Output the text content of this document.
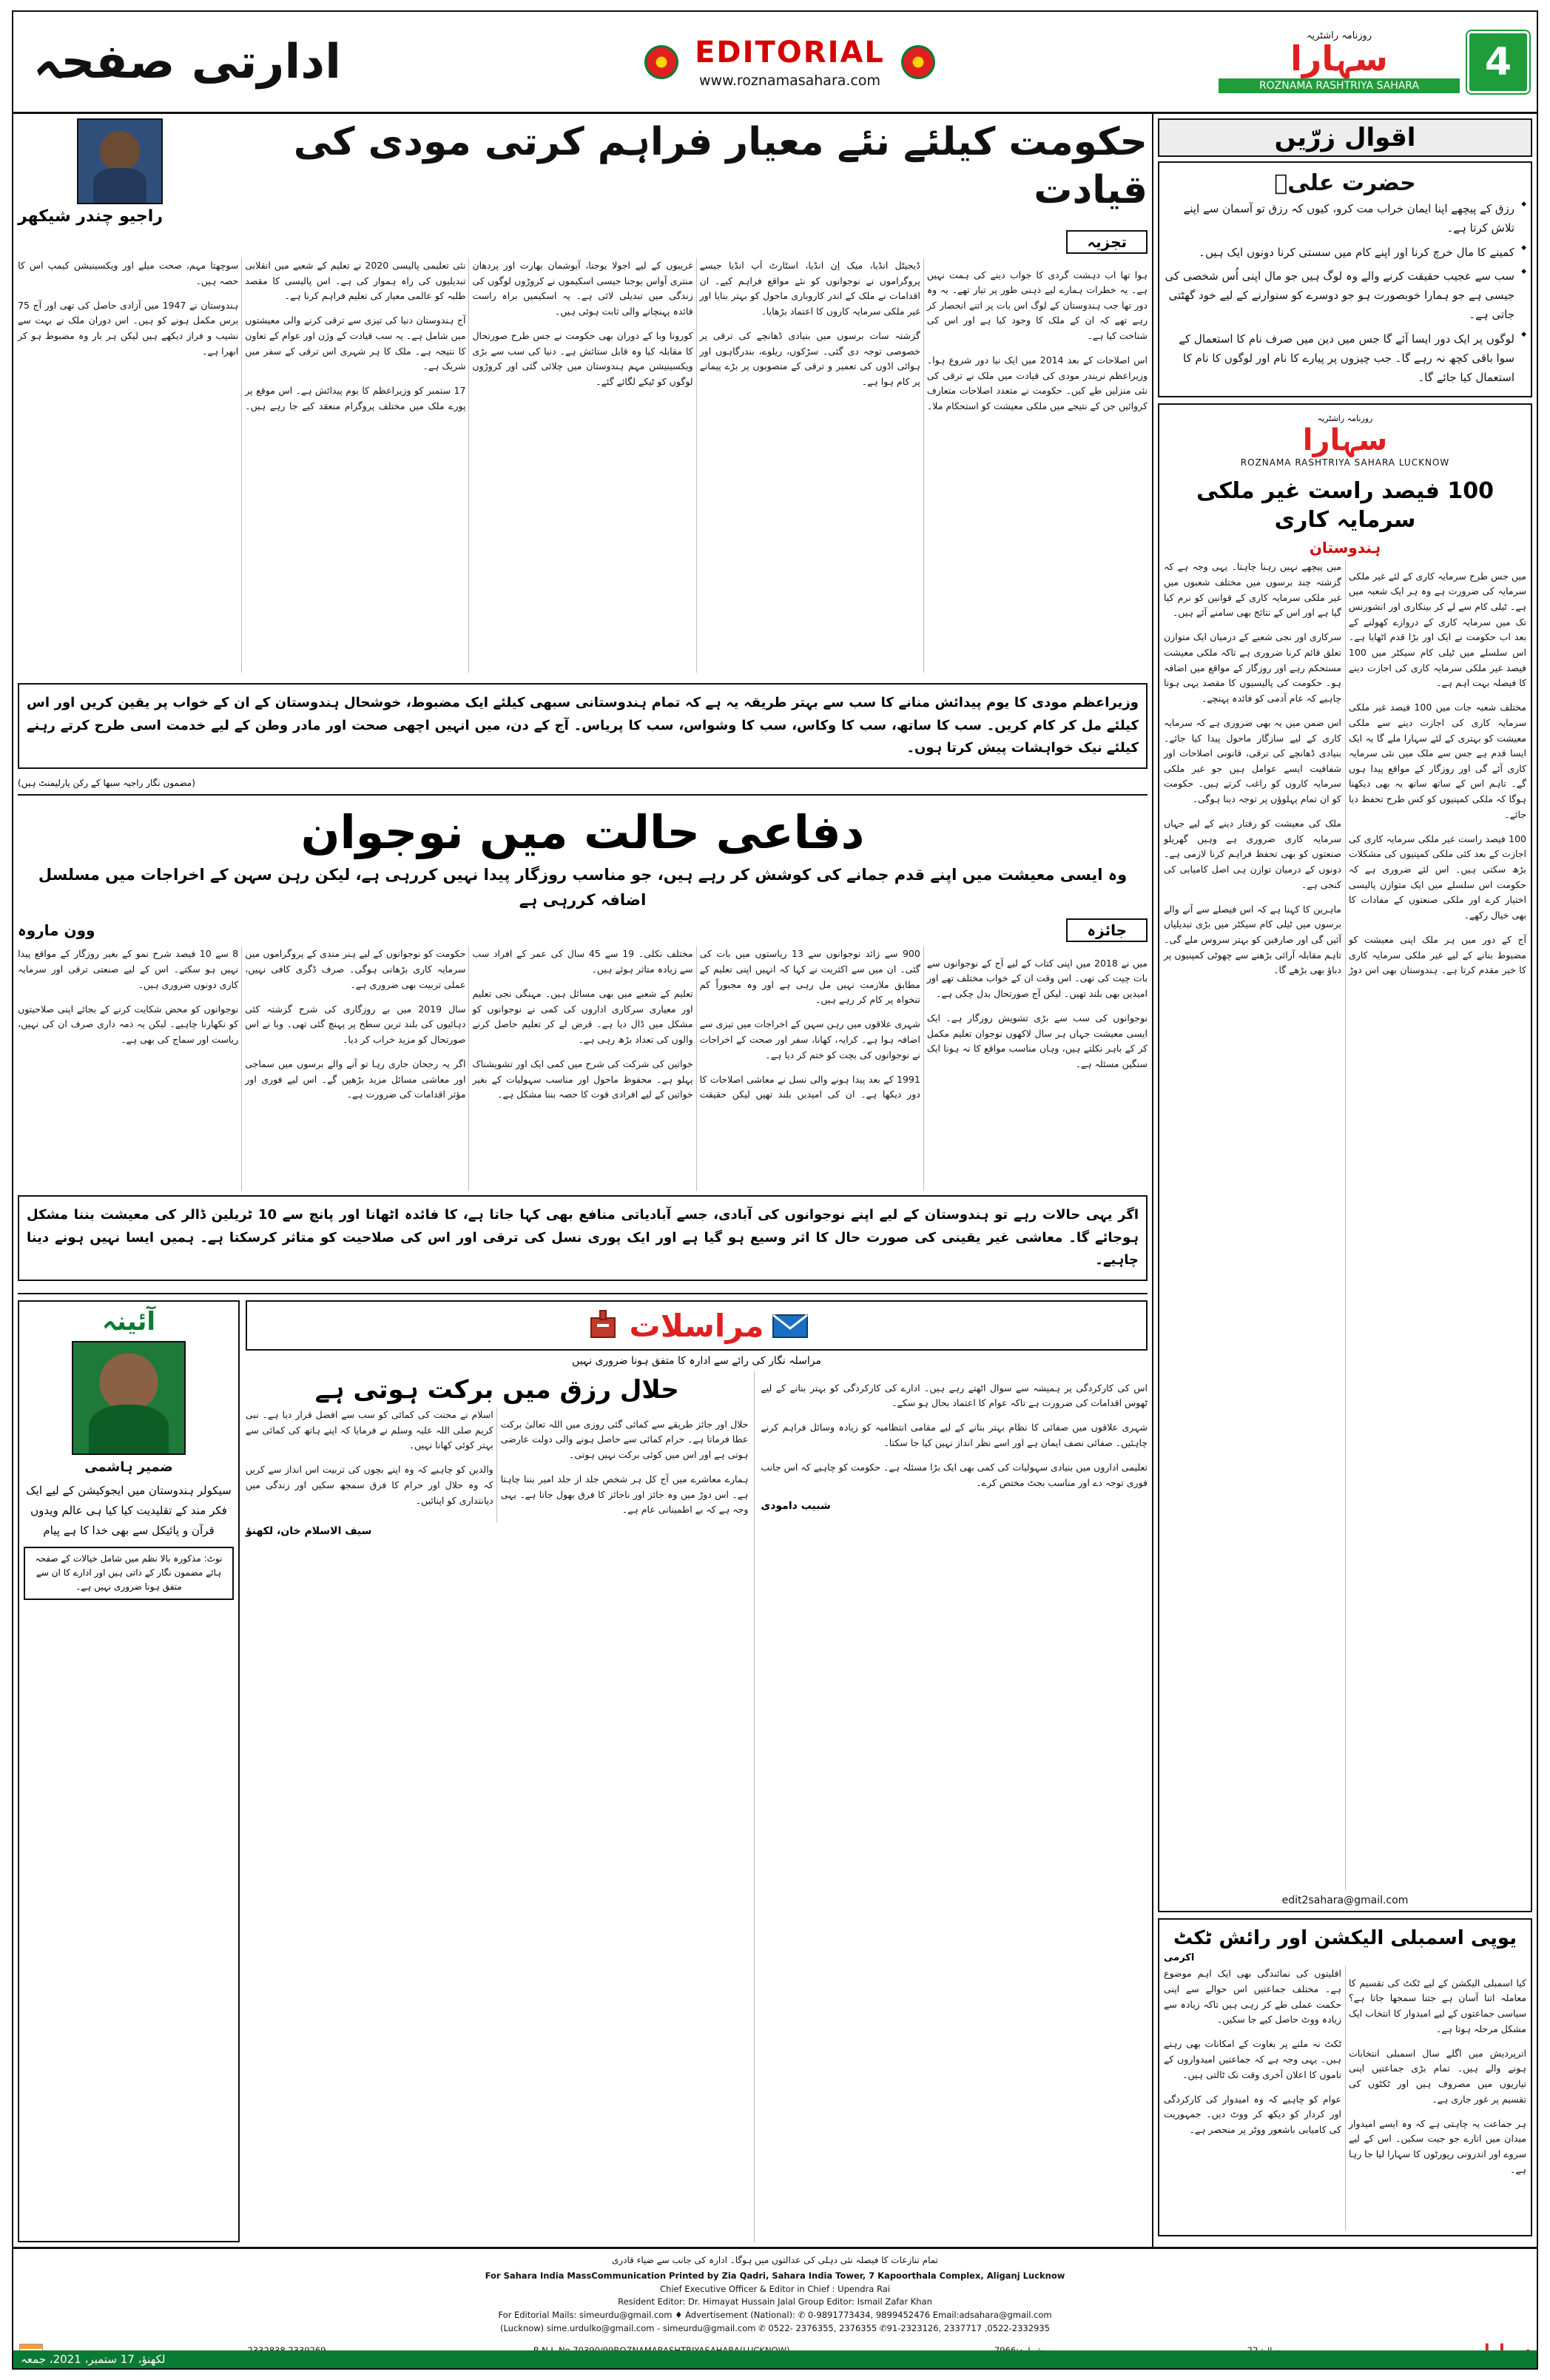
4
روزنامہ راشٹریہ
سہارا
ROZNAMA RASHTRIYA SAHARA
EDITORIAL
www.roznamasahara.com
ادارتی صفحہ
لکھنؤ، 17 ستمبر، 2021، جمعہ
اقوال زرّیں
حضرت علیؓ
◆ رزق کے پیچھے اپنا ایمان خراب مت کرو، کیوں کہ رزق تو آسمان سے اپنے تلاش کرتا ہے۔
◆ کمینے کا مال خرچ کرنا اور اپنے کام میں سستی کرنا دونوں ایک ہیں۔
◆ سب سے عجیب حقیقت کرنے والے وہ لوگ ہیں جو مال اپنی اُس شخصی کی جیسی ہے جو ہمارا خوبصورت ہو جو دوسرے کو سنوارنے کے لیے خود گھٹتی جاتی ہے۔
◆ لوگوں پر ایک دور ایسا آئے گا جس میں دین میں صرف نام کا استعمال کے سوا باقی کچھ نہ رہے گا۔ جب چیزوں پر پیارے کا نام اور لوگوں کا نام کا استعمال کیا جائے گا۔
روزنامہ راشٹریہ
سہارا
ROZNAMA RASHTRIYA SAHARA LUCKNOW
100 فیصد راست غیر ملکی سرمایہ کاری
ہندوستان

میں جس طرح سرمایہ کاری کے لئے غیر ملکی سرمایہ کی ضرورت ہے وہ ہر ایک شعبہ میں ہے۔ ٹیلی کام سے لے کر بینکاری اور انشورنس تک میں سرمایہ کاری کے دروازے کھولنے کے بعد اب حکومت نے ایک اور بڑا قدم اٹھایا ہے۔ اس سلسلے میں ٹیلی کام سیکٹر میں 100 فیصد غیر ملکی سرمایہ کاری کی اجازت دینے کا فیصلہ بہت اہم ہے۔

مختلف شعبہ جات میں 100 فیصد غیر ملکی سرمایہ کاری کی اجازت دینے سے ملکی معیشت کو بہتری کے لئے سہارا ملے گا یہ ایک ایسا قدم ہے جس سے ملک میں نئی سرمایہ کاری آئے گی اور روزگار کے مواقع پیدا ہوں گے۔ تاہم اس کے ساتھ ساتھ یہ بھی دیکھنا ہوگا کہ ملکی کمپنیوں کو کس طرح تحفظ دیا جائے۔

100 فیصد راست غیر ملکی سرمایہ کاری کی اجازت کے بعد کئی ملکی کمپنیوں کی مشکلات بڑھ سکتی ہیں۔ اس لئے ضروری ہے کہ حکومت اس سلسلے میں ایک متوازن پالیسی اختیار کرے اور ملکی صنعتوں کے مفادات کا بھی خیال رکھے۔

آج کے دور میں ہر ملک اپنی معیشت کو مضبوط بنانے کے لیے غیر ملکی سرمایہ کاری کا خیر مقدم کرتا ہے۔ ہندوستان بھی اس دوڑ میں پیچھے نہیں رہنا چاہتا۔ یہی وجہ ہے کہ گزشتہ چند برسوں میں مختلف شعبوں میں غیر ملکی سرمایہ کاری کے قوانین کو نرم کیا گیا ہے اور اس کے نتائج بھی سامنے آئے ہیں۔

سرکاری اور نجی شعبے کے درمیان ایک متوازن تعلق قائم کرنا ضروری ہے تاکہ ملکی معیشت مستحکم رہے اور روزگار کے مواقع میں اضافہ ہو۔ حکومت کی پالیسیوں کا مقصد یہی ہونا چاہیے کہ عام آدمی کو فائدہ پہنچے۔

اس ضمن میں یہ بھی ضروری ہے کہ سرمایہ کاری کے لیے سازگار ماحول پیدا کیا جائے۔ بنیادی ڈھانچے کی ترقی، قانونی اصلاحات اور شفافیت ایسے عوامل ہیں جو غیر ملکی سرمایہ کاروں کو راغب کرتے ہیں۔ حکومت کو ان تمام پہلوؤں پر توجہ دینا ہوگی۔

ملک کی معیشت کو رفتار دینے کے لیے جہاں سرمایہ کاری ضروری ہے وہیں گھریلو صنعتوں کو بھی تحفظ فراہم کرنا لازمی ہے۔ دونوں کے درمیان توازن ہی اصل کامیابی کی کنجی ہے۔

ماہرین کا کہنا ہے کہ اس فیصلے سے آنے والے برسوں میں ٹیلی کام سیکٹر میں بڑی تبدیلیاں آئیں گی اور صارفین کو بہتر سروس ملے گی۔ تاہم مقابلہ آرائی بڑھنے سے چھوٹی کمپنیوں پر دباؤ بھی بڑھے گا۔

edit2sahara@gmail.com
یوپی اسمبلی الیکشن اور رائش ٹکٹ
اکرمی

کیا اسمبلی الیکشن کے لیے ٹکٹ کی تقسیم کا معاملہ اتنا آسان ہے جتنا سمجھا جاتا ہے؟ سیاسی جماعتوں کے لیے امیدوار کا انتخاب ایک مشکل مرحلہ ہوتا ہے۔

اترپردیش میں اگلے سال اسمبلی انتخابات ہونے والے ہیں۔ تمام بڑی جماعتیں اپنی تیاریوں میں مصروف ہیں اور ٹکٹوں کی تقسیم پر غور جاری ہے۔

ہر جماعت یہ چاہتی ہے کہ وہ ایسے امیدوار میدان میں اتارے جو جیت سکیں۔ اس کے لیے سروے اور اندرونی رپورٹوں کا سہارا لیا جا رہا ہے۔

اقلیتوں کی نمائندگی بھی ایک اہم موضوع ہے۔ مختلف جماعتیں اس حوالے سے اپنی حکمت عملی طے کر رہی ہیں تاکہ زیادہ سے زیادہ ووٹ حاصل کیے جا سکیں۔

ٹکٹ نہ ملنے پر بغاوت کے امکانات بھی رہتے ہیں۔ یہی وجہ ہے کہ جماعتیں امیدواروں کے ناموں کا اعلان آخری وقت تک ٹالتی ہیں۔

عوام کو چاہیے کہ وہ امیدوار کی کارکردگی اور کردار کو دیکھ کر ووٹ دیں۔ جمہوریت کی کامیابی باشعور ووٹر پر منحصر ہے۔

حکومت کیلئے نئے معیار فراہم کرتی مودی کی قیادت
راجیو چندر شیکھر
تجزیہ

ہوا تھا اب دہشت گردی کا جواب دینے کی ہمت نہیں ہے۔ یہ خطرات ہمارے لیے ذہنی طور پر تیار تھے۔ یہ وہ دور تھا جب ہندوستان کے لوگ اس بات پر اتنے انحصار کر رہے تھے کہ ان کے ملک کا وجود کیا ہے اور اس کی شناخت کیا ہے۔

اس اصلاحات کے بعد 2014 میں ایک نیا دور شروع ہوا۔ وزیراعظم نریندر مودی کی قیادت میں ملک نے ترقی کی نئی منزلیں طے کیں۔ حکومت نے متعدد اصلاحات متعارف کروائیں جن کے نتیجے میں ملکی معیشت کو استحکام ملا۔

ڈیجیٹل انڈیا، میک اِن انڈیا، اسٹارٹ اَپ انڈیا جیسے پروگراموں نے نوجوانوں کو نئے مواقع فراہم کیے۔ ان اقدامات نے ملک کے اندر کاروباری ماحول کو بہتر بنایا اور غیر ملکی سرمایہ کاروں کا اعتماد بڑھایا۔

گزشتہ سات برسوں میں بنیادی ڈھانچے کی ترقی پر خصوصی توجہ دی گئی۔ سڑکوں، ریلوے، بندرگاہوں اور ہوائی اڈوں کی تعمیر و ترقی کے منصوبوں پر بڑے پیمانے پر کام ہوا ہے۔

غریبوں کے لیے اجولا یوجنا، آیوشمان بھارت اور پردھان منتری آواس یوجنا جیسی اسکیموں نے کروڑوں لوگوں کی زندگی میں تبدیلی لائی ہے۔ یہ اسکیمیں براہ راست فائدہ پہنچانے والی ثابت ہوئی ہیں۔

کورونا وبا کے دوران بھی حکومت نے جس طرح صورتحال کا مقابلہ کیا وہ قابل ستائش ہے۔ دنیا کی سب سے بڑی ویکسینیشن مہم ہندوستان میں چلائی گئی اور کروڑوں لوگوں کو ٹیکے لگائے گئے۔

نئی تعلیمی پالیسی 2020 نے تعلیم کے شعبے میں انقلابی تبدیلیوں کی راہ ہموار کی ہے۔ اس پالیسی کا مقصد طلبہ کو عالمی معیار کی تعلیم فراہم کرنا ہے۔

آج ہندوستان دنیا کی تیزی سے ترقی کرنے والی معیشتوں میں شامل ہے۔ یہ سب قیادت کے وژن اور عوام کے تعاون کا نتیجہ ہے۔ ملک کا ہر شہری اس ترقی کے سفر میں شریک ہے۔

17 ستمبر کو وزیراعظم کا یوم پیدائش ہے۔ اس موقع پر پورے ملک میں مختلف پروگرام منعقد کیے جا رہے ہیں۔ سوچھتا مہم، صحت میلے اور ویکسینیشن کیمپ اس کا حصہ ہیں۔

ہندوستان نے 1947 میں آزادی حاصل کی تھی اور آج 75 برس مکمل ہونے کو ہیں۔ اس دوران ملک نے بہت سے نشیب و فراز دیکھے ہیں لیکن ہر بار وہ مضبوط ہو کر ابھرا ہے۔

وزیراعظم مودی کا یوم پیدائش منانے کا سب سے بہتر طریقہ یہ ہے کہ تمام ہندوستانی سبھی کیلئے ایک مضبوط، خوشحال ہندوستان کے ان کے خواب پر یقین کریں اور اس کیلئے مل کر کام کریں۔ سب کا ساتھ، سب کا وکاس، سب کا وشواس، سب کا پریاس۔ آج کے دن، میں انہیں اچھی صحت اور مادر وطن کے لیے خدمت اسی طرح کرتے رہنے کیلئے نیک خواہشات پیش کرتا ہوں۔
(مضمون نگار راجیہ سبھا کے رکن پارلیمنٹ ہیں)
دفاعی حالت میں نوجوان
وہ ایسی معیشت میں اپنے قدم جمانے کی کوشش کر رہے ہیں، جو مناسب روزگار پیدا نہیں کررہی ہے، لیکن رہن سہن کے اخراجات میں مسلسل اضافہ کررہی ہے
جائزہ
وون ماروہ

میں نے 2018 میں اپنی کتاب کے لیے آج کے نوجوانوں سے بات چیت کی تھی۔ اس وقت ان کے خواب مختلف تھے اور امیدیں بھی بلند تھیں۔ لیکن آج صورتحال بدل چکی ہے۔

نوجوانوں کی سب سے بڑی تشویش روزگار ہے۔ ایک ایسی معیشت جہاں ہر سال لاکھوں نوجوان تعلیم مکمل کر کے باہر نکلتے ہیں، وہاں مناسب مواقع کا نہ ہونا ایک سنگین مسئلہ ہے۔

900 سے زائد نوجوانوں سے 13 ریاستوں میں بات کی گئی۔ ان میں سے اکثریت نے کہا کہ انہیں اپنی تعلیم کے مطابق ملازمت نہیں مل رہی ہے اور وہ مجبوراً کم تنخواہ پر کام کر رہے ہیں۔

شہری علاقوں میں رہن سہن کے اخراجات میں تیزی سے اضافہ ہوا ہے۔ کرایہ، کھانا، سفر اور صحت کے اخراجات نے نوجوانوں کی بچت کو ختم کر دیا ہے۔

1991 کے بعد پیدا ہونے والی نسل نے معاشی اصلاحات کا دور دیکھا ہے۔ ان کی امیدیں بلند تھیں لیکن حقیقت مختلف نکلی۔ 19 سے 45 سال کی عمر کے افراد سب سے زیادہ متاثر ہوئے ہیں۔

تعلیم کے شعبے میں بھی مسائل ہیں۔ مہنگی نجی تعلیم اور معیاری سرکاری اداروں کی کمی نے نوجوانوں کو مشکل میں ڈال دیا ہے۔ قرض لے کر تعلیم حاصل کرنے والوں کی تعداد بڑھ رہی ہے۔

خواتین کی شرکت کی شرح میں کمی ایک اور تشویشناک پہلو ہے۔ محفوظ ماحول اور مناسب سہولیات کے بغیر خواتین کے لیے افرادی قوت کا حصہ بننا مشکل ہے۔

حکومت کو نوجوانوں کے لیے ہنر مندی کے پروگراموں میں سرمایہ کاری بڑھانی ہوگی۔ صرف ڈگری کافی نہیں، عملی تربیت بھی ضروری ہے۔

سال 2019 میں بے روزگاری کی شرح گزشتہ کئی دہائیوں کی بلند ترین سطح پر پہنچ گئی تھی۔ وبا نے اس صورتحال کو مزید خراب کر دیا۔

اگر یہ رجحان جاری رہا تو آنے والے برسوں میں سماجی اور معاشی مسائل مزید بڑھیں گے۔ اس لیے فوری اور مؤثر اقدامات کی ضرورت ہے۔

8 سے 10 فیصد شرح نمو کے بغیر روزگار کے مواقع پیدا نہیں ہو سکتے۔ اس کے لیے صنعتی ترقی اور سرمایہ کاری دونوں ضروری ہیں۔

نوجوانوں کو محض شکایت کرنے کے بجائے اپنی صلاحیتوں کو نکھارنا چاہیے۔ لیکن یہ ذمہ داری صرف ان کی نہیں، ریاست اور سماج کی بھی ہے۔

اگر یہی حالات رہے تو ہندوستان کے لیے اپنے نوجوانوں کی آبادی، جسے آبادیاتی منافع بھی کہا جاتا ہے، کا فائدہ اٹھانا اور پانچ سے 10 ٹریلین ڈالر کی معیشت بننا مشکل ہوجائے گا۔ معاشی غیر یقینی کی صورت حال کا اثر وسیع ہو گیا ہے اور ایک پوری نسل کی ترقی اور اس کی صلاحیت کو متاثر کرسکتا ہے۔ ہمیں ایسا نہیں ہونے دینا چاہیے۔
مراسلات
مراسلہ نگار کی رائے سے ادارہ کا متفق ہونا ضروری نہیں

اس کی کارکردگی پر ہمیشہ سے سوال اٹھتے رہے ہیں۔ ادارے کی کارکردگی کو بہتر بنانے کے لیے ٹھوس اقدامات کی ضرورت ہے تاکہ عوام کا اعتماد بحال ہو سکے۔

شہری علاقوں میں صفائی کا نظام بہتر بنانے کے لیے مقامی انتظامیہ کو زیادہ وسائل فراہم کرنے چاہئیں۔ صفائی نصف ایمان ہے اور اسے نظر انداز نہیں کیا جا سکتا۔

تعلیمی اداروں میں بنیادی سہولیات کی کمی بھی ایک بڑا مسئلہ ہے۔ حکومت کو چاہیے کہ اس جانب فوری توجہ دے اور مناسب بجٹ مختص کرے۔

شبیب دامودی
حلال رزق میں برکت ہوتی ہے

حلال اور جائز طریقے سے کمائی گئی روزی میں اللہ تعالیٰ برکت عطا فرماتا ہے۔ حرام کمائی سے حاصل ہونے والی دولت عارضی ہوتی ہے اور اس میں کوئی برکت نہیں ہوتی۔

ہمارے معاشرے میں آج کل ہر شخص جلد از جلد امیر بننا چاہتا ہے۔ اس دوڑ میں وہ جائز اور ناجائز کا فرق بھول جاتا ہے۔ یہی وجہ ہے کہ بے اطمینانی عام ہے۔

اسلام نے محنت کی کمائی کو سب سے افضل قرار دیا ہے۔ نبی کریم صلی اللہ علیہ وسلم نے فرمایا کہ اپنے ہاتھ کی کمائی سے بہتر کوئی کھانا نہیں۔

والدین کو چاہیے کہ وہ اپنے بچوں کی تربیت اس انداز سے کریں کہ وہ حلال اور حرام کا فرق سمجھ سکیں اور زندگی میں دیانتداری کو اپنائیں۔

سیف الاسلام خان، لکھنؤ
آئینہ
ضمیر ہاشمی
سیکولر ہندوستان میں ایجوکیشن کے لیے ایک فکر مند کے تقلیدیت کیا کیا ہی عالم ویدوں قرآن و پائیکل سے بھی خدا کا ہے پیام
نوٹ: مذکورہ بالا نظم میں شامل خیالات کے صفحہ ہائے مضمون نگار کے ذاتی ہیں اور ادارے کا ان سے متفق ہونا ضروری نہیں ہے۔
تمام تنازعات کا فیصلہ نئی دہلی کی عدالتوں میں ہوگا۔ ادارہ کی جانب سے ضیاء قادری
For Sahara India MassCommunication Printed by Zia Qadri, Sahara India Tower, 7 Kapoorthala Complex, Aliganj Lucknow
Chief Executive Officer & Editor in Chief : Upendra Rai
Resident Editor: Dr. Himayat Hussain Jalal Group Editor: Ismail Zafar Khan
For Editorial Mails: simeurdu@gmail.com ♦ Advertisement (National): ✆ 0-9891773434, 9899452476 Email:adsahara@gmail.com
(Lucknow) sime.urdulko@gmail.com - simeurdu@gmail.com ✆ 0522- 2376355, 2376355 ✆91-2323126, 2337717 ,0522-2332935
